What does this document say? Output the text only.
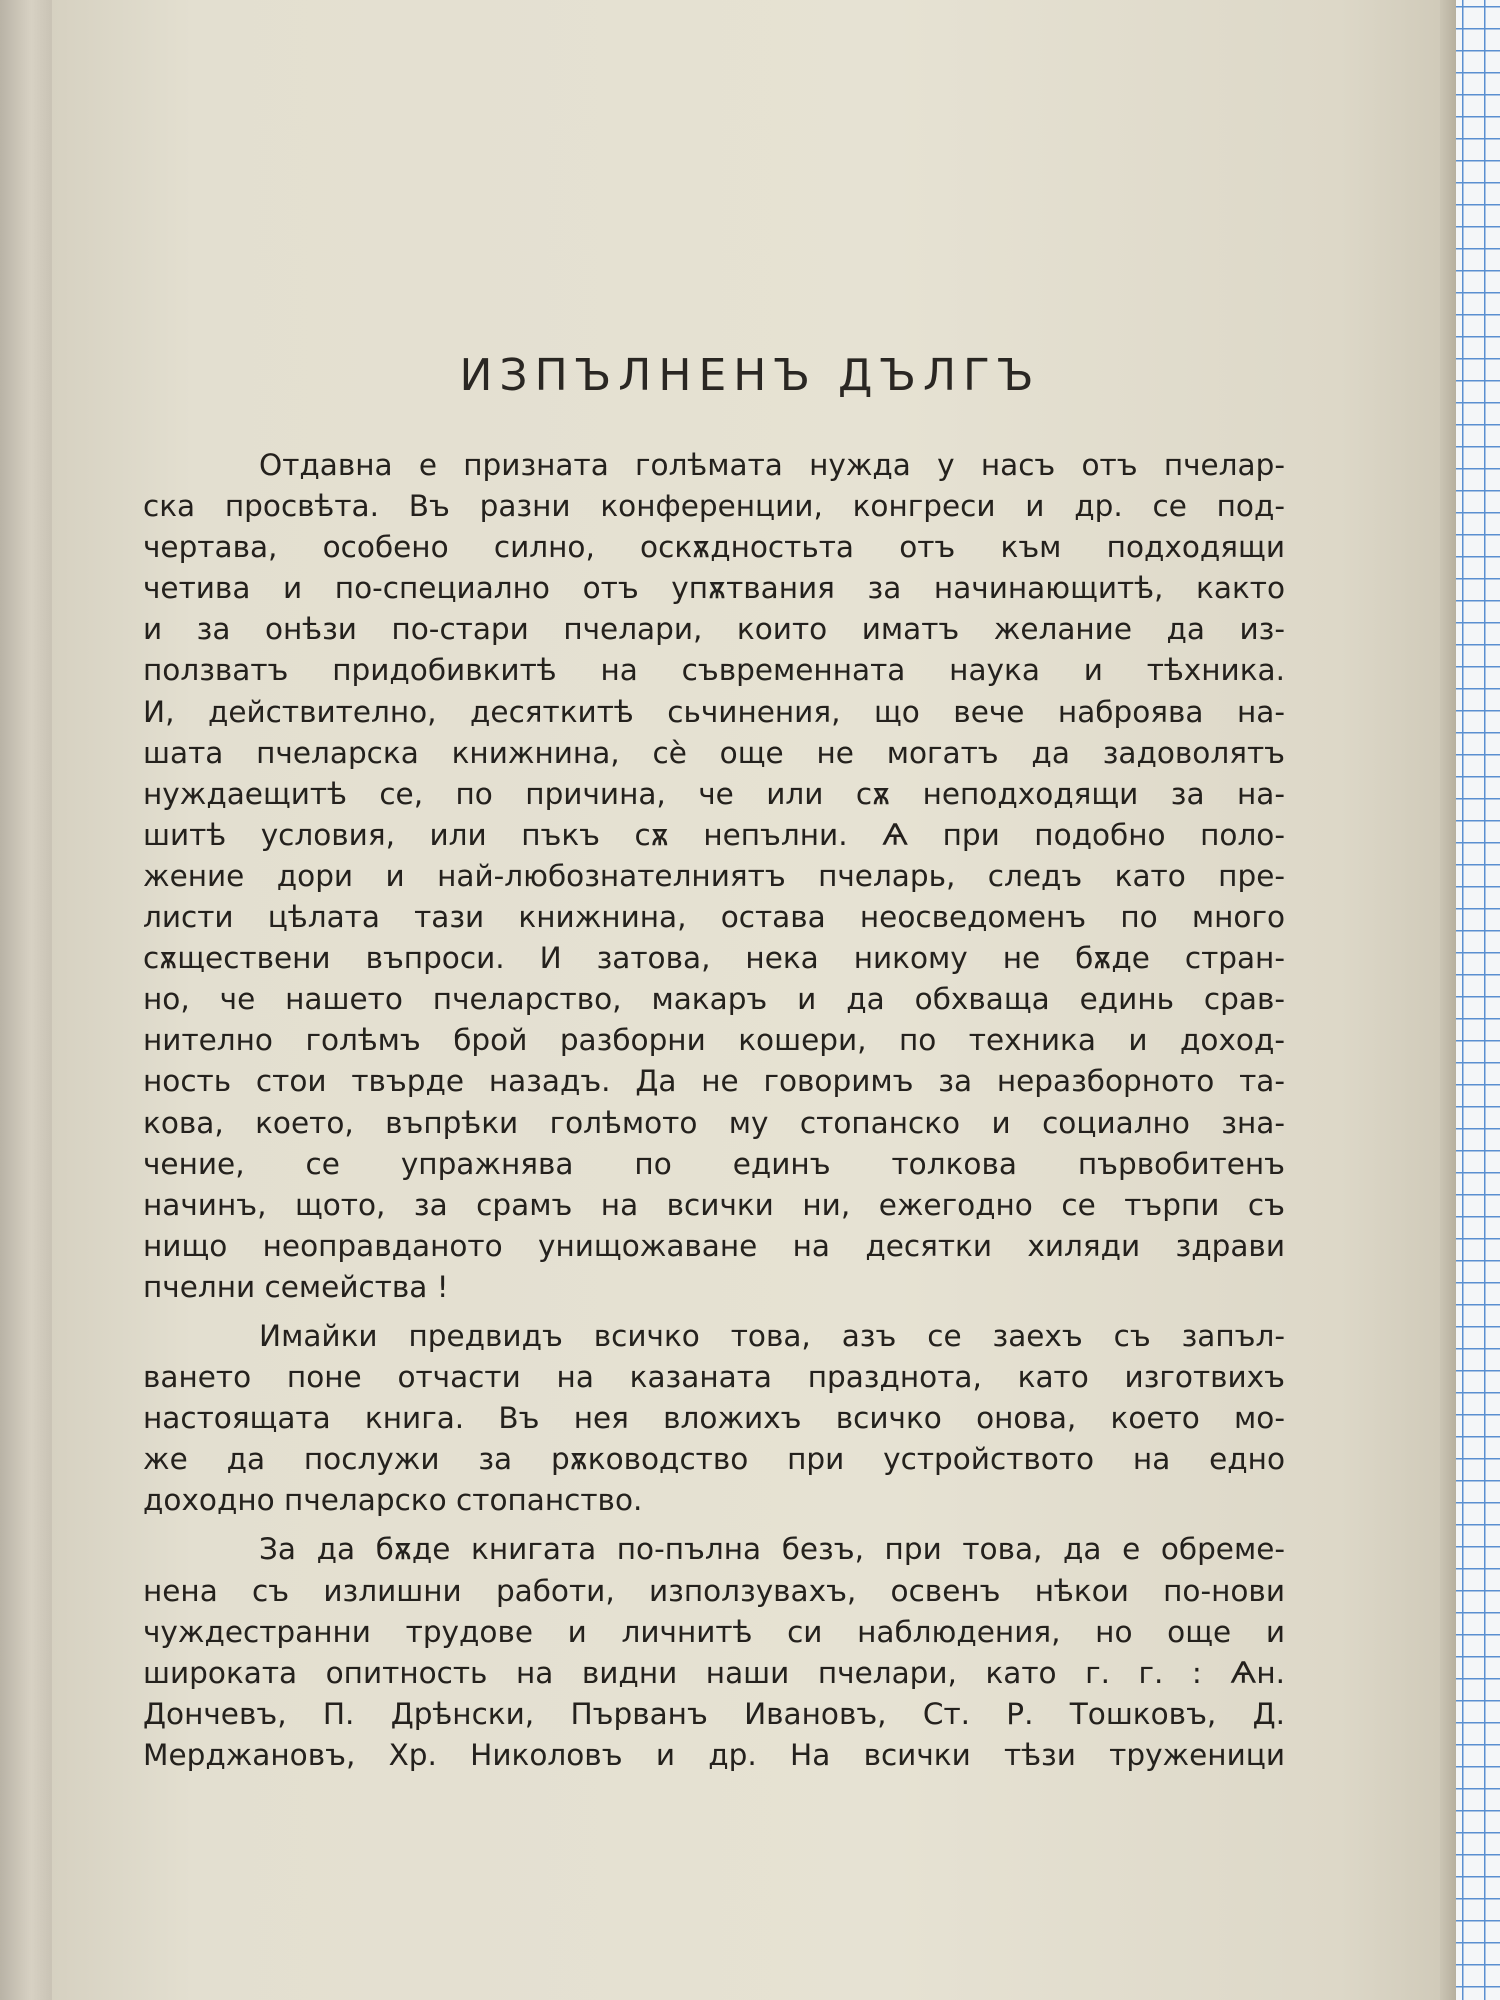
ИЗПЪЛНЕНЪ ДЪЛГЪ
Отдавна е призната голѣмата нужда у насъ отъ пчелар-
ска просвѣта. Въ разни конференции, конгреси и др. се под-
чертава, особено силно, оскѫдностьта отъ към подходящи
четива и по-специално отъ упѫтвания за начинающитѣ, както
и за онѣзи по-стари пчелари, които иматъ желание да из-
ползватъ придобивкитѣ на съвременната наука и тѣхника.
И, действително, десяткитѣ сьчинения, що вече наброява на-
шата пчеларска книжнина, сѐ още не могатъ да задоволятъ
нуждаещитѣ се, по причина, че или сѫ неподходящи за на-
шитѣ условия, или пъкъ сѫ непълни. Ѧ при подобно поло-
жение дори и най-любознателниятъ пчеларь, следъ като пре-
листи цѣлата тази книжнина, остава неосведоменъ по много
сѫществени въпроси. И затова, нека никому не бѫде стран-
но, че нашето пчеларство, макаръ и да обхваща единь срав-
нително голѣмъ брой разборни кошери, по техника и доход-
ность стои твърде назадъ. Да не говоримъ за неразборното та-
кова, което, въпрѣки голѣмото му стопанско и социално зна-
чение, се упражнява по единъ толкова първобитенъ
начинъ, щото, за срамъ на всички ни, ежегодно се търпи съ
нищо неоправданото унищожаване на десятки хиляди здрави
пчелни семейства !
Имайки предвидъ всичко това, азъ се заехъ съ запъл-
ването поне отчасти на казаната празднота, като изготвихъ
настоящата книга. Въ нея вложихъ всичко онова, което мо-
же да послужи за рѫководство при устройството на едно
доходно пчеларско стопанство.
За да бѫде книгата по-пълна безъ, при това, да е обреме-
нена съ излишни работи, използувахъ, освенъ нѣкои по-нови
чуждестранни трудове и личнитѣ си наблюдения, но още и
широката опитность на видни наши пчелари, като г. г. : Ѧн.
Дончевъ, П. Дрѣнски, Първанъ Ивановъ, Ст. Р. Тошковъ, Д.
Мерджановъ, Хр. Николовъ и др. На всички тѣзи труженици
